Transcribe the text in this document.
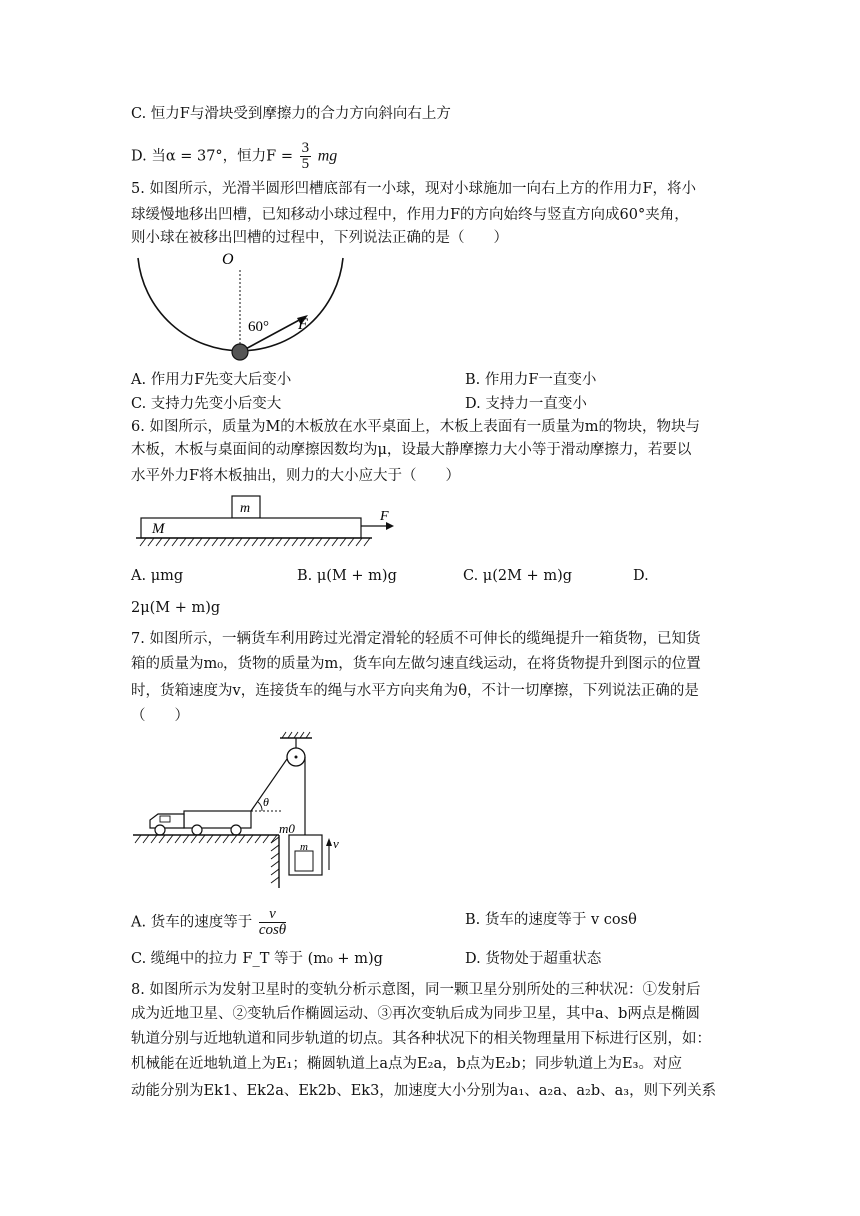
C. 恒力F与滑块受到摩擦力的合力方向斜向右上方
D. 当α = 37°，恒力$F = \frac{3}{5}$ mg
5. 如图所示，光滑半圆形凹槽底部有一小球，现对小球施加一向右上方的作用力F，将小
球缓慢地移出凹槽，已知移动小球过程中，作用力F的方向始终与竖直方向成60°夹角，
则小球在被移出凹槽的过程中，下列说法正确的是（　　）
O
60° F
A. 作用力F先变大后变小	B. 作用力F一直变小
C. 支持力先变小后变大	D. 支持力一直变小
6. 如图所示，质量为M的木板放在水平桌面上，木板上表面有一质量为m的物块，物块与
木板，木板与桌面间的动摩擦因数均为μ，设最大静摩擦力大小等于滑动摩擦力，若要以
水平外力F将木板抽出，则力的大小应大于（　　）
m
M
F
A. μmg	B. μ(M + m)g	C. μ(2M + m)g	D.
2μ(M + m)g
7. 如图所示，一辆货车利用跨过光滑定滑轮的轻质不可伸长的缆绳提升一箱货物，已知货
箱的质量为m₀，货物的质量为m，货车向左做匀速直线运动，在将货物提升到图示的位置
时，货箱速度为v，连接货车的绳与水平方向夹角为θ，不计一切摩擦，下列说法正确的是
（　　）
θ
m0
m v
A. 货车的速度等于 $\frac{v}{\cos\theta}$	B. 货车的速度等于 v cosθ
C. 缆绳中的拉力 F_T 等于 (m₀ + m)g	D. 货物处于超重状态
8. 如图所示为发射卫星时的变轨分析示意图，同一颗卫星分别所处的三种状况：①发射后
成为近地卫星、②变轨后作椭圆运动、③再次变轨后成为同步卫星，其中a、b两点是椭圆
轨道分别与近地轨道和同步轨道的切点。其各种状况下的相关物理量用下标进行区别，如：
机械能在近地轨道上为E₁；椭圆轨道上a点为E₂a，b点为E₂b；同步轨道上为E₃。对应
动能分别为Ek1、Ek2a、Ek2b、Ek3，加速度大小分别为a₁、a₂a、a₂b、a₃，则下列关系
